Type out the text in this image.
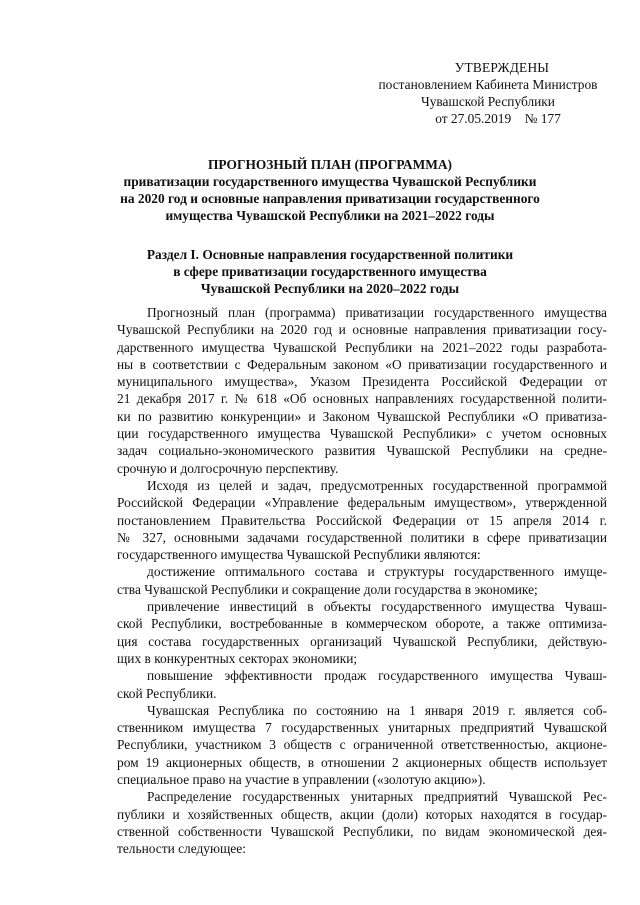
УТВЕРЖДЕНЫ
постановлением Кабинета Министров
Чувашской Республики
от 27.05.2019    № 177
ПРОГНОЗНЫЙ ПЛАН (ПРОГРАММА)
приватизации государственного имущества Чувашской Республики
на 2020 год и основные направления приватизации государственного
имущества Чувашской Республики на 2021–2022 годы
Раздел I. Основные направления государственной политики
в сфере приватизации государственного имущества
Чувашской Республики на 2020–2022 годы
Прогнозный план (программа) приватизации государственного имущества
Чувашской Республики на 2020 год и основные направления приватизации госу-
дарственного имущества Чувашской Республики на 2021–2022 годы разработа-
ны в соответствии с Федеральным законом «О приватизации государственного и
муниципального имущества», Указом Президента Российской Федерации от
21 декабря 2017 г. № 618 «Об основных направлениях государственной полити-
ки по развитию конкуренции» и Законом Чувашской Республики «О приватиза-
ции государственного имущества Чувашской Республики» с учетом основных
задач социально-экономического развития Чувашской Республики на средне-
срочную и долгосрочную перспективу.
Исходя из целей и задач, предусмотренных государственной программой
Российской Федерации «Управление федеральным имуществом», утвержденной
постановлением Правительства Российской Федерации от 15 апреля 2014 г.
№ 327, основными задачами государственной политики в сфере приватизации
государственного имущества Чувашской Республики являются:
достижение оптимального состава и структуры государственного имуще-
ства Чувашской Республики и сокращение доли государства в экономике;
привлечение инвестиций в объекты государственного имущества Чуваш-
ской Республики, востребованные в коммерческом обороте, а также оптимиза-
ция состава государственных организаций Чувашской Республики, действую-
щих в конкурентных секторах экономики;
повышение эффективности продаж государственного имущества Чуваш-
ской Республики.
Чувашская Республика по состоянию на 1 января 2019 г. является соб-
ственником имущества 7 государственных унитарных предприятий Чувашской
Республики, участником 3 обществ с ограниченной ответственностью, акционе-
ром 19 акционерных обществ, в отношении 2 акционерных обществ использует
специальное право на участие в управлении («золотую акцию»).
Распределение государственных унитарных предприятий Чувашской Рес-
публики и хозяйственных обществ, акции (доли) которых находятся в государ-
ственной собственности Чувашской Республики, по видам экономической дея-
тельности следующее:
